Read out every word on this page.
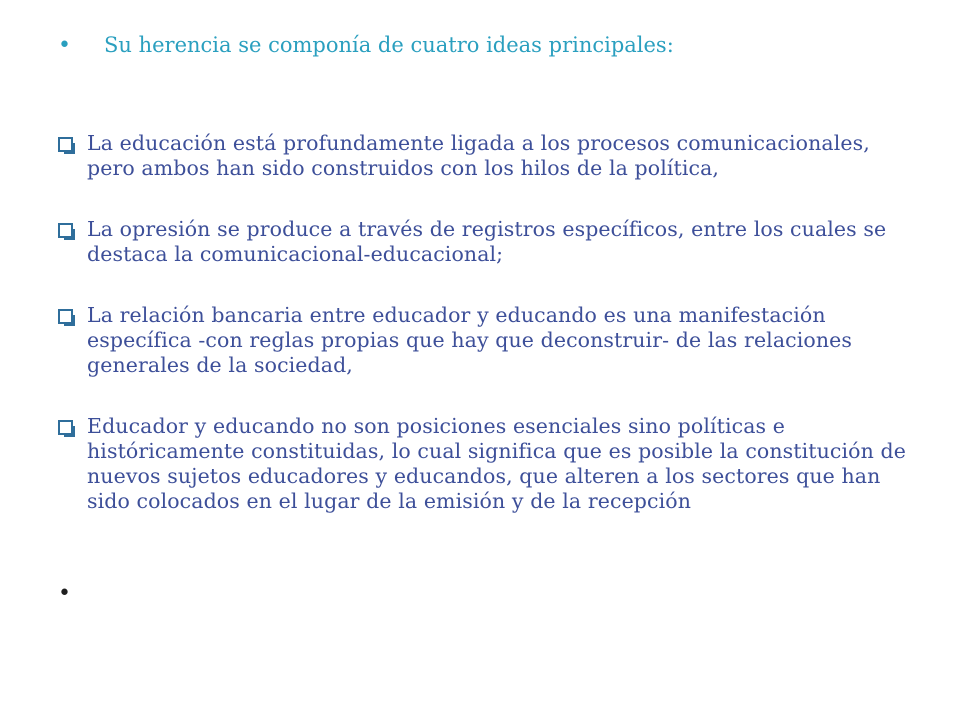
•	Su herencia se componía de cuatro ideas principales:
La educación está profundamente ligada a los procesos comunicacionales, pero ambos han sido construidos con los hilos de la política,
La opresión se produce a través de registros específicos, entre los cuales se destaca la comunicacional-educacional;
La relación bancaria entre educador y educando es una manifestación específica -con reglas propias que hay que deconstruir- de las relaciones generales de la sociedad,
Educador y educando no son posiciones esenciales sino políticas e históricamente constituidas, lo cual significa que es posible la constitución de nuevos sujetos educadores y educandos, que alteren a los sectores que han sido colocados en el lugar de la emisión y de la recepción
•
